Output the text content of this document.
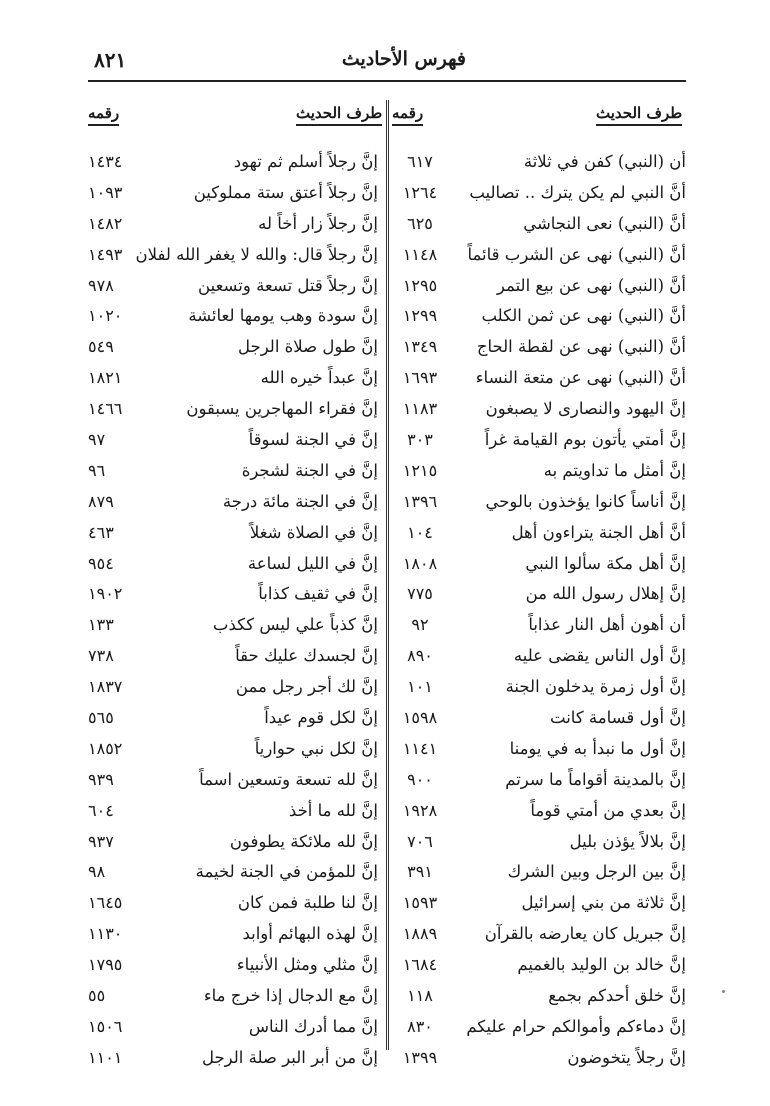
فهرس الأحاديث
٨٢١
طرف الحديث
رقمه
طرف الحديث
رقمه
أن (النبي) كفن في ثلاثة
٦١٧
أنَّ النبي لم يكن يترك .. تصاليب
١٢٦٤
أنَّ (النبي) نعى النجاشي
٦٢٥
أنَّ (النبي) نهى عن الشرب قائماً
١١٤٨
أنَّ (النبي) نهى عن بيع التمر
١٢٩٥
أنَّ (النبي) نهى عن ثمن الكلب
١٢٩٩
أنَّ (النبي) نهى عن لقطة الحاج
١٣٤٩
أنَّ (النبي) نهى عن متعة النساء
١٦٩٣
إنَّ اليهود والنصارى لا يصبغون
١١٨٣
إنَّ أمتي يأتون بوم القيامة غراً
٣٠٣
إنَّ أمثل ما تداويتم به
١٢١٥
إنَّ أناساً كانوا يؤخذون بالوحي
١٣٩٦
أنَّ أهل الجنة يتراءون أهل
١٠٤
إنَّ أهل مكة سألوا النبي
١٨٠٨
إنَّ إهلال رسول الله من
٧٧٥
أن أهون أهل النار عذاباً
٩٢
إنَّ أول الناس يقضى عليه
٨٩٠
إنَّ أول زمرة يدخلون الجنة
١٠١
إنَّ أول قسامة كانت
١٥٩٨
إنَّ أول ما نبدأ به في يومنا
١١٤١
إنَّ بالمدينة أقواماً ما سرتم
٩٠٠
إنَّ بعدي من أمتي قوماً
١٩٢٨
إنَّ بلالاً يؤذن بليل
٧٠٦
إنَّ بين الرجل وبين الشرك
٣٩١
إنَّ ثلاثة من بني إسرائيل
١٥٩٣
إنَّ جبريل كان يعارضه بالقرآن
١٨٨٩
إنَّ خالد بن الوليد بالغميم
١٦٨٤
إنَّ خلق أحدكم بجمع
١١٨
إنَّ دماءكم وأموالكم حرام عليكم
٨٣٠
إنَّ رجلاً يتخوضون
١٣٩٩
إنَّ رجلاً أسلم ثم تهود
١٤٣٤
إنَّ رجلاً أعتق ستة مملوكين
١٠٩٣
إنَّ رجلاً زار أخاً له
١٤٨٢
إنَّ رجلاً قال: والله لا يغفر الله لفلان
١٤٩٣
إنَّ رجلاً قتل تسعة وتسعين
٩٧٨
إنَّ سودة وهب يومها لعائشة
١٠٢٠
إنَّ طول صلاة الرجل
٥٤٩
إنَّ عبداً خيره الله
١٨٢١
إنَّ فقراء المهاجرين يسبقون
١٤٦٦
إنَّ في الجنة لسوقاً
٩٧
إنَّ في الجنة لشجرة
٩٦
إنَّ في الجنة مائة درجة
٨٧٩
إنَّ في الصلاة شغلاً
٤٦٣
إنَّ في الليل لساعة
٩٥٤
إنَّ في ثقيف كذاباً
١٩٠٢
إنَّ كذباً علي ليس ككذب
١٣٣
إنَّ لجسدك عليك حقاً
٧٣٨
إنَّ لك أجر رجل ممن
١٨٣٧
إنَّ لكل قوم عيداً
٥٦٥
إنَّ لكل نبي حوارياً
١٨٥٢
إنَّ لله تسعة وتسعين اسماً
٩٣٩
إنَّ لله ما أخذ
٦٠٤
إنَّ لله ملائكة يطوفون
٩٣٧
إنَّ للمؤمن في الجنة لخيمة
٩٨
إنَّ لنا طلبة فمن كان
١٦٤٥
إنَّ لهذه البهائم أوابد
١١٣٠
إنَّ مثلي ومثل الأنبياء
١٧٩٥
إنَّ مع الدجال إذا خرج ماء
٥٥
إنَّ مما أدرك الناس
١٥٠٦
إنَّ من أبر البر صلة الرجل
١١٠١
